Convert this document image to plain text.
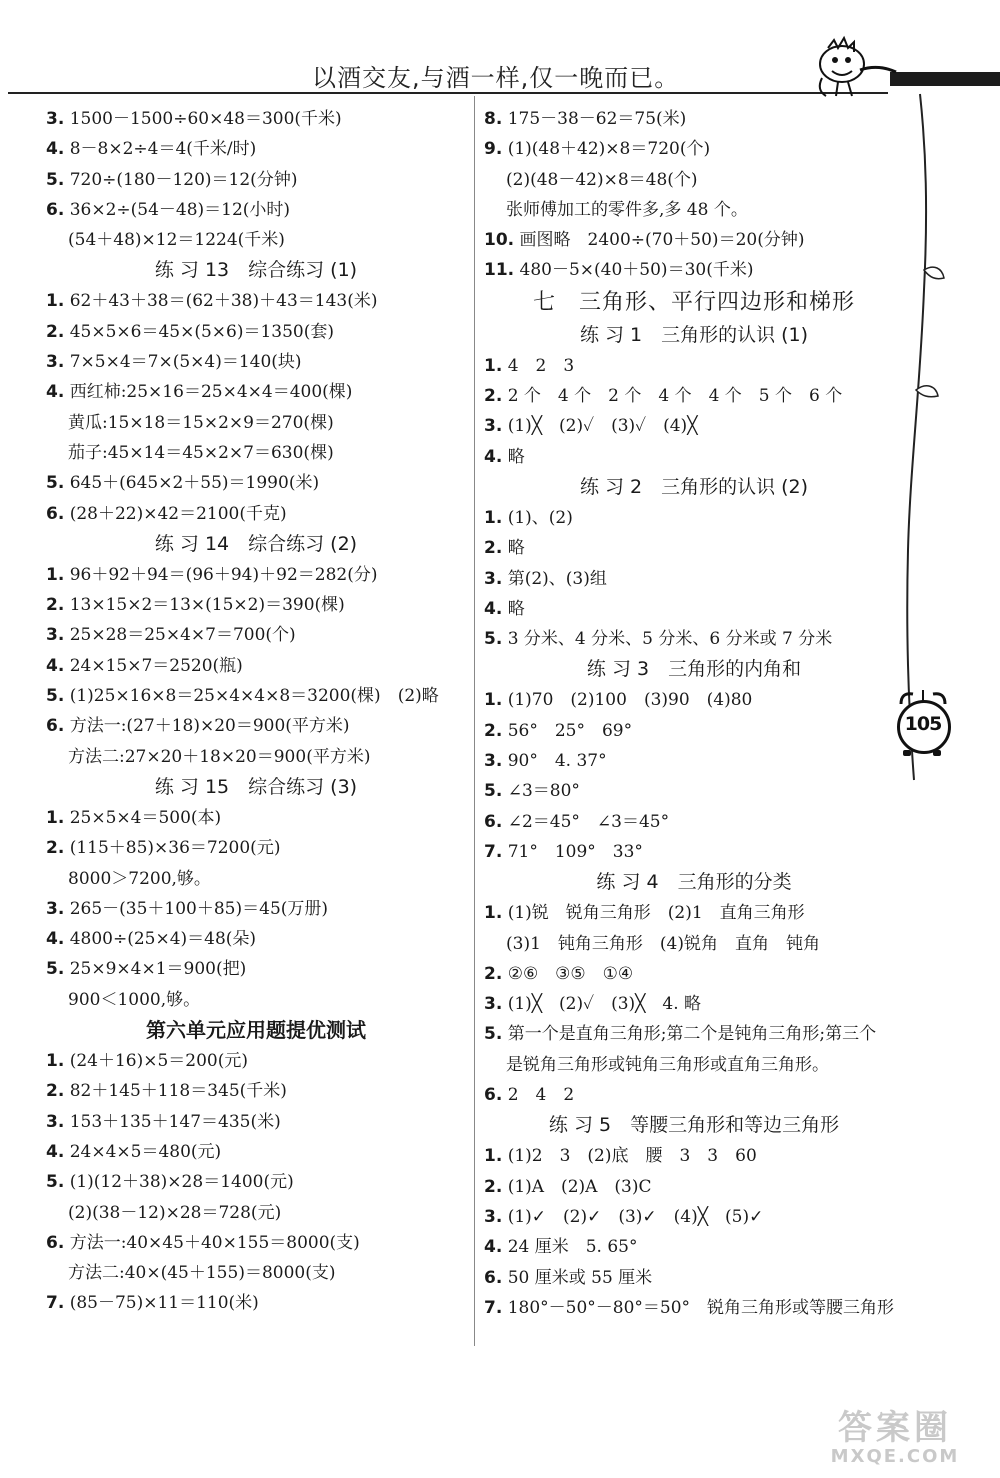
以酒交友,与酒一样,仅一晚而已。
105
3. 1500－1500÷60×48＝300(千米)
4. 8－8×2÷4＝4(千米/时)
5. 720÷(180－120)＝12(分钟)
6. 36×2÷(54－48)＝12(小时)
(54＋48)×12＝1224(千米)
练 习 13　综合练习 (1)
1. 62＋43＋38＝(62＋38)＋43＝143(米)
2. 45×5×6＝45×(5×6)＝1350(套)
3. 7×5×4＝7×(5×4)＝140(块)
4. 西红柿:25×16＝25×4×4＝400(棵)
黄瓜:15×18＝15×2×9＝270(棵)
茄子:45×14＝45×2×7＝630(棵)
5. 645＋(645×2＋55)＝1990(米)
6. (28＋22)×42＝2100(千克)
练 习 14　综合练习 (2)
1. 96＋92＋94＝(96＋94)＋92＝282(分)
2. 13×15×2＝13×(15×2)＝390(棵)
3. 25×28＝25×4×7＝700(个)
4. 24×15×7＝2520(瓶)
5. (1)25×16×8＝25×4×4×8＝3200(棵)　(2)略
6. 方法一:(27＋18)×20＝900(平方米)
方法二:27×20＋18×20＝900(平方米)
练 习 15　综合练习 (3)
1. 25×5×4＝500(本)
2. (115＋85)×36＝7200(元)
8000＞7200,够。
3. 265－(35＋100＋85)＝45(万册)
4. 4800÷(25×4)＝48(朵)
5. 25×9×4×1＝900(把)
900＜1000,够。
第六单元应用题提优测试
1. (24＋16)×5＝200(元)
2. 82＋145＋118＝345(千米)
3. 153＋135＋147＝435(米)
4. 24×4×5＝480(元)
5. (1)(12＋38)×28＝1400(元)
(2)(38－12)×28＝728(元)
6. 方法一:40×45＋40×155＝8000(支)
方法二:40×(45＋155)＝8000(支)
7. (85－75)×11＝110(米)
8. 175－38－62＝75(米)
9. (1)(48＋42)×8＝720(个)
(2)(48－42)×8＝48(个)
张师傅加工的零件多,多 48 个。
10. 画图略　2400÷(70＋50)＝20(分钟)
11. 480－5×(40＋50)＝30(千米)
七　三角形、平行四边形和梯形
练 习 1　三角形的认识 (1)
1. 4　2　3
2. 2 个　4 个　2 个　4 个　4 个　5 个　6 个
3. (1)╳　(2)✓　(3)✓　(4)╳
4. 略
练 习 2　三角形的认识 (2)
1. (1)、(2)
2. 略
3. 第(2)、(3)组
4. 略
5. 3 分米、4 分米、5 分米、6 分米或 7 分米
练 习 3　三角形的内角和
1. (1)70　(2)100　(3)90　(4)80
2. 56°　25°　69°
3. 90°　4. 37°
5. ∠3＝80°
6. ∠2＝45°　∠3＝45°
7. 71°　109°　33°
练 习 4　三角形的分类
1. (1)锐　锐角三角形　(2)1　直角三角形
(3)1　钝角三角形　(4)锐角　直角　钝角
2. ②⑥　③⑤　①④
3. (1)╳　(2)✓　(3)╳　4. 略
5. 第一个是直角三角形;第二个是钝角三角形;第三个
是锐角三角形或钝角三角形或直角三角形。
6. 2　4　2
练 习 5　等腰三角形和等边三角形
1. (1)2　3　(2)底　腰　3　3　60
2. (1)A　(2)A　(3)C
3. (1)✓　(2)✓　(3)✓　(4)╳　(5)✓
4. 24 厘米　5. 65°
6. 50 厘米或 55 厘米
7. 180°－50°－80°＝50°　锐角三角形或等腰三角形
答案圈
MXQE.COM
